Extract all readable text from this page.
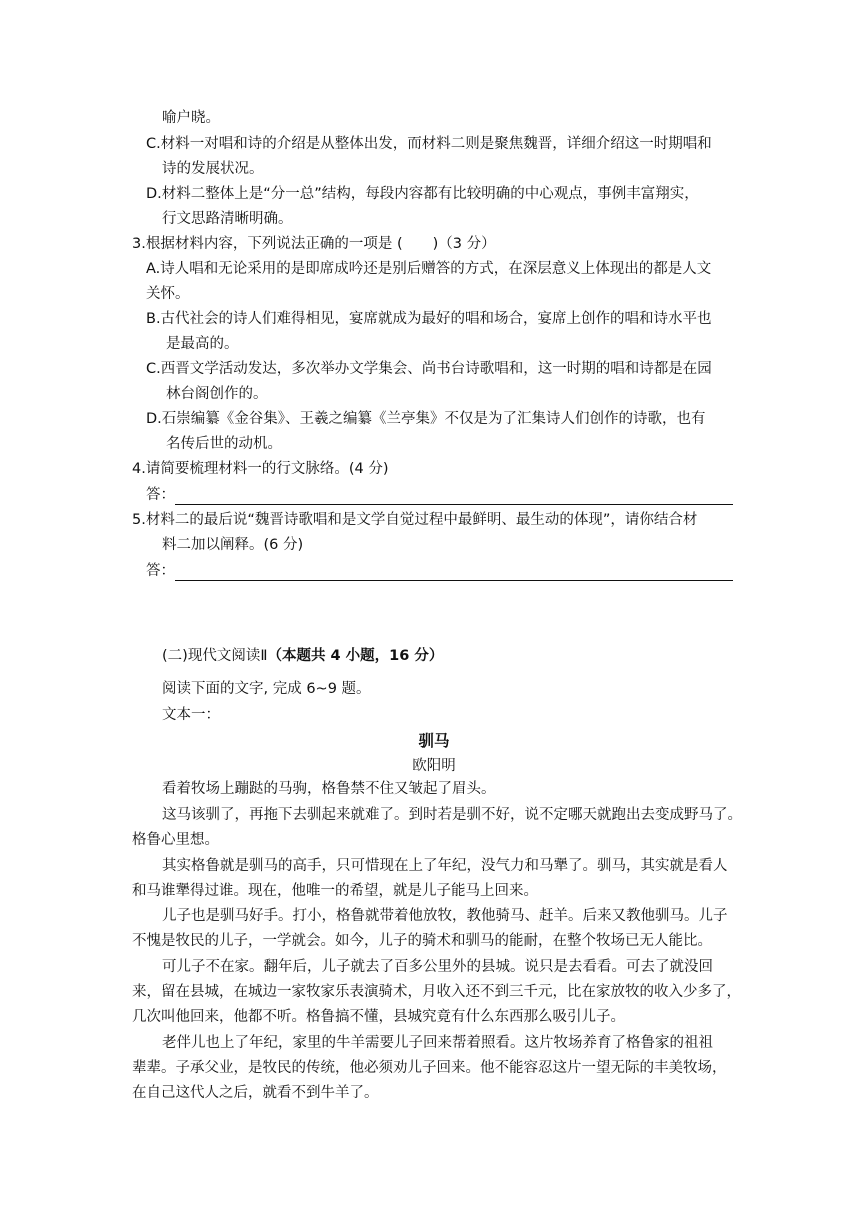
喻户晓。
C.材料一对唱和诗的介绍是从整体出发，而材料二则是聚焦魏晋，详细介绍这一时期唱和
诗的发展状况。
D.材料二整体上是“分一总”结构，每段内容都有比较明确的中心观点，事例丰富翔实，
行文思路清晰明确。
3.根据材料内容，下列说法正确的一项是 ( )（3 分）
A.诗人唱和无论采用的是即席成吟还是别后赠答的方式，在深层意义上体现出的都是人文
关怀。
B.古代社会的诗人们难得相见，宴席就成为最好的唱和场合，宴席上创作的唱和诗水平也
是最高的。
C.西晋文学活动发达，多次举办文学集会、尚书台诗歌唱和，这一时期的唱和诗都是在园
林台阁创作的。
D.石崇编纂《金谷集》、王羲之编纂《兰亭集》不仅是为了汇集诗人们创作的诗歌，也有
名传后世的动机。
4.请简要梳理材料一的行文脉络。(4 分)
答：
5.材料二的最后说“魏晋诗歌唱和是文学自觉过程中最鲜明、最生动的体现”，请你结合材
料二加以阐释。(6 分)
答：
(二)现代文阅读Ⅱ（本题共 4 小题，16 分）
阅读下面的文字, 完成 6~9 题。
文本一：
驯马
欧阳明
看着牧场上蹦跶的马驹，格鲁禁不住又皱起了眉头。
这马该驯了，再拖下去驯起来就难了。到时若是驯不好，说不定哪天就跑出去变成野马了。
格鲁心里想。
其实格鲁就是驯马的高手，只可惜现在上了年纪，没气力和马犟了。驯马，其实就是看人
和马谁犟得过谁。现在，他唯一的希望，就是儿子能马上回来。
儿子也是驯马好手。打小，格鲁就带着他放牧，教他骑马、赶羊。后来又教他驯马。儿子
不愧是牧民的儿子，一学就会。如今，儿子的骑术和驯马的能耐，在整个牧场已无人能比。
可儿子不在家。翻年后，儿子就去了百多公里外的县城。说只是去看看。可去了就没回
来，留在县城，在城边一家牧家乐表演骑术，月收入还不到三千元，比在家放牧的收入少多了，
几次叫他回来，他都不听。格鲁搞不懂，县城究竟有什么东西那么吸引儿子。
老伴儿也上了年纪，家里的牛羊需要儿子回来帮着照看。这片牧场养育了格鲁家的祖祖
辈辈。子承父业，是牧民的传统，他必须劝儿子回来。他不能容忍这片一望无际的丰美牧场，
在自己这代人之后，就看不到牛羊了。
